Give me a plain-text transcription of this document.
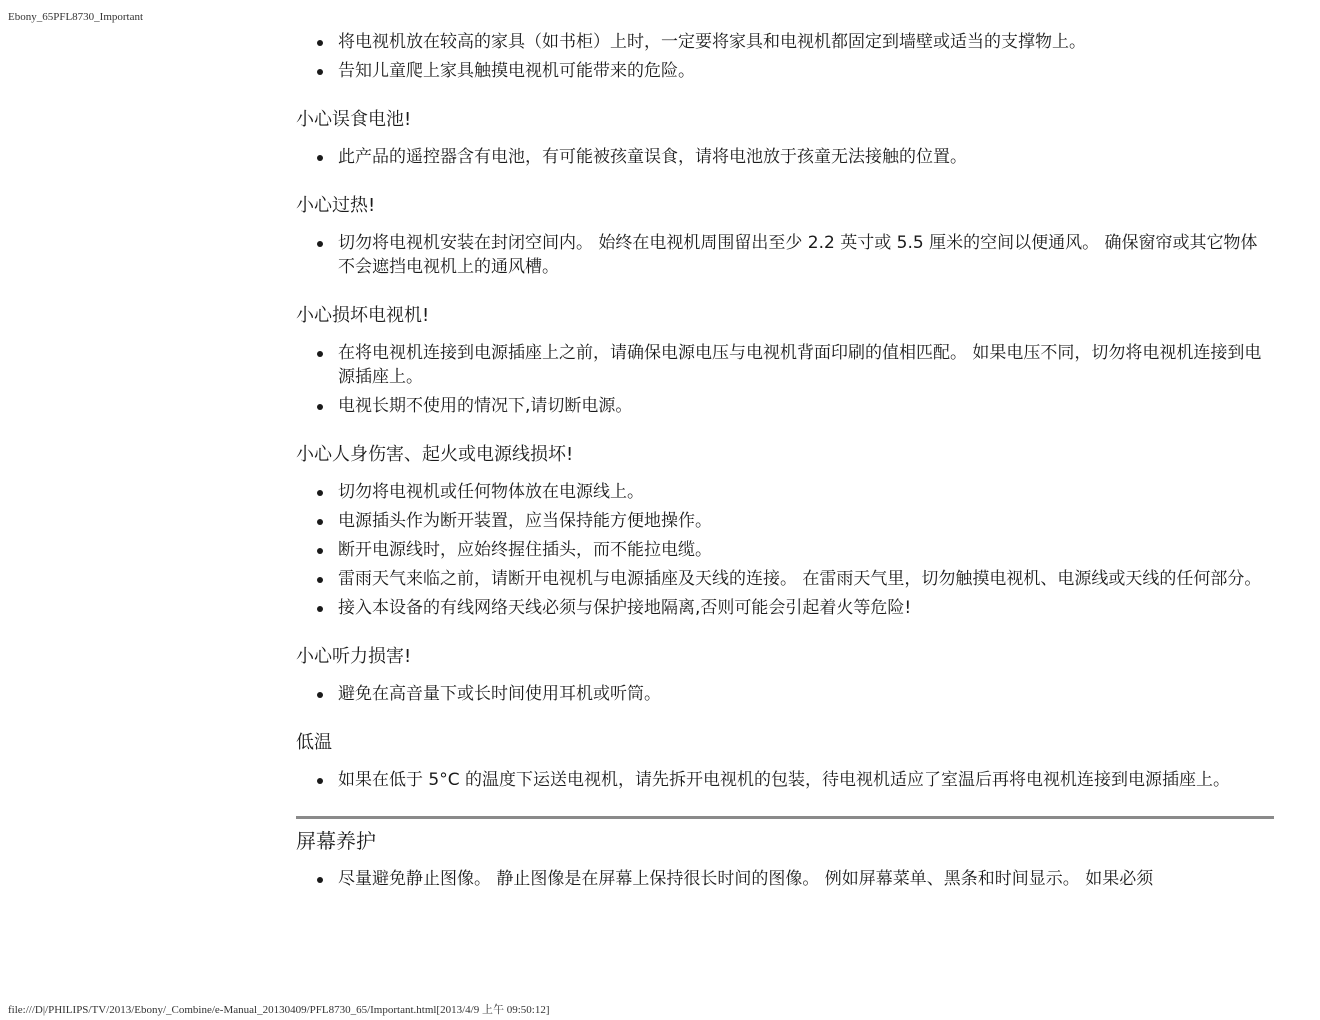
Ebony_65PFL8730_Important
将电视机放在较高的家具（如书柜）上时，一定要将家具和电视机都固定到墙壁或适当的支撑物上。
告知儿童爬上家具触摸电视机可能带来的危险。
小心误食电池!
此产品的遥控器含有电池，有可能被孩童误食，请将电池放于孩童无法接触的位置。
小心过热!
切勿将电视机安装在封闭空间内。 始终在电视机周围留出至少 2.2 英寸或 5.5 厘米的空间以便通风。 确保窗帘或其它物体不会遮挡电视机上的通风槽。
小心损坏电视机!
在将电视机连接到电源插座上之前，请确保电源电压与电视机背面印刷的值相匹配。 如果电压不同，切勿将电视机连接到电源插座上。
电视长期不使用的情况下,请切断电源。
小心人身伤害、起火或电源线损坏!
切勿将电视机或任何物体放在电源线上。
电源插头作为断开装置，应当保持能方便地操作。
断开电源线时，应始终握住插头，而不能拉电缆。
雷雨天气来临之前，请断开电视机与电源插座及天线的连接。 在雷雨天气里，切勿触摸电视机、电源线或天线的任何部分。
接入本设备的有线网络天线必须与保护接地隔离,否则可能会引起着火等危险!
小心听力损害!
避免在高音量下或长时间使用耳机或听筒。
低温
如果在低于 5°C 的温度下运送电视机，请先拆开电视机的包装，待电视机适应了室温后再将电视机连接到电源插座上。
屏幕养护
尽量避免静止图像。 静止图像是在屏幕上保持很长时间的图像。 例如屏幕菜单、黑条和时间显示。 如果必须
file:///D|/PHILIPS/TV/2013/Ebony/_Combine/e-Manual_20130409/PFL8730_65/Important.html[2013/4/9 上午 09:50:12]
